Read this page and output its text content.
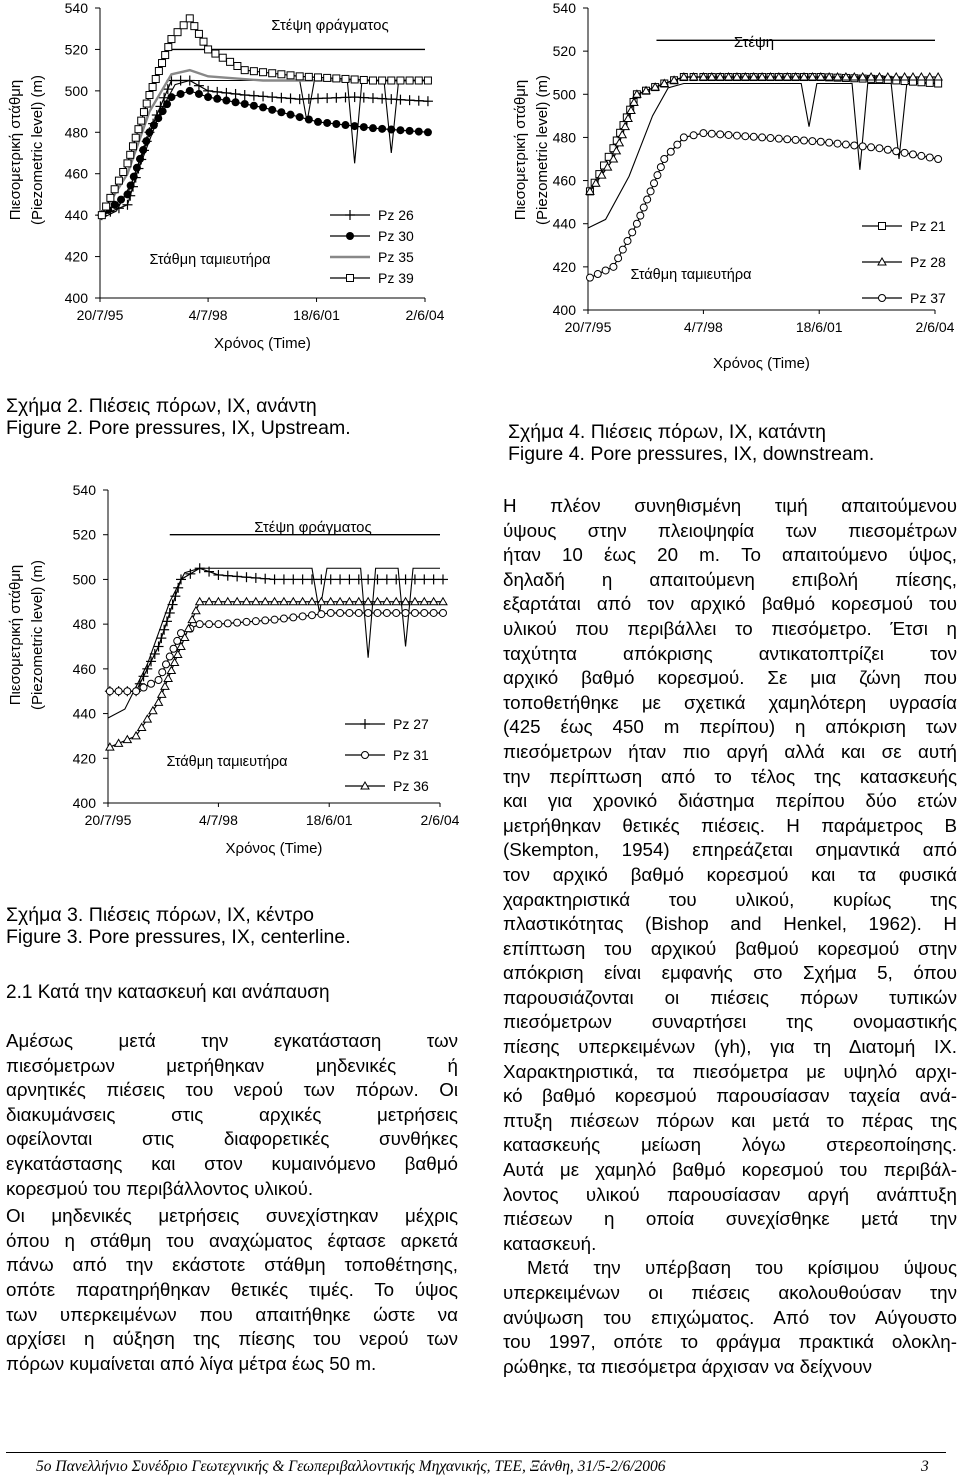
Πιεσομετρική στάθμη (Piezometric level) (m)
540
520
500
480
460
440
420
400
20/7/95	4/7/98	18/6/01	2/6/04
Χρόνος (Time)
Στέψη φράγματος
Στάθμη ταμιευτήρα
Pz 26
Pz 30
Pz 35
Pz 39
Σχήμα 2. Πιέσεις πόρων, ΙΧ, ανάντη
Figure 2. Pore pressures, IX, Upstream.
Πιεσομετρική στάθμη (Piezometric level) (m)
540
520
500
480
460
440
420
400
20/7/95	4/7/98	18/6/01	2/6/04
Χρόνος (Time)
Στέψη
Στάθμη ταμιευτήρα
Pz 21
Pz 28
Pz 37
Σχήμα 4. Πιέσεις πόρων, ΙΧ, κατάντη
Figure 4. Pore pressures, IX, downstream.
Πιεσομετρική στάθμη (Piezometric level) (m)
540
520
500
480
460
440
420
400
20/7/95	4/7/98	18/6/01	2/6/04
Χρόνος (Time)
Στέψη φράγματος
Στάθμη ταμιευτήρα
Pz 27
Pz 31
Pz 36
Σχήμα 3. Πιέσεις πόρων, ΙΧ, κέντρο
Figure 3. Pore pressures, IX, centerline.
2.1 Κατά την κατασκευή και ανάπαυση
Αμέσως μετά την εγκατάσταση των
πιεσόμετρων μετρήθηκαν μηδενικές ή
αρνητικές πιέσεις του νερού των πόρων. Οι
διακυμάνσεις στις αρχικές μετρήσεις
οφείλονται στις διαφορετικές συνθήκες
εγκατάστασης και στον κυμαινόμενο βαθμό
κορεσμού του περιβάλλοντος υλικού.
Οι μηδενικές μετρήσεις συνεχίστηκαν μέχρις
όπου η στάθμη του αναχώματος έφτασε αρκετά
πάνω από την εκάστοτε στάθμη τοποθέτησης,
οπότε παρατηρήθηκαν θετικές τιμές. Το ύψος
των υπερκειμένων που απαιτήθηκε ώστε να
αρχίσει η αύξηση της πίεσης του νερού των
πόρων κυμαίνεται από λίγα μέτρα έως 50 m.
Η πλέον συνηθισμένη τιμή απαιτούμενου
ύψους στην πλειοψηφία των πιεσομέτρων
ήταν 10 έως 20 m. Το απαιτούμενο ύψος,
δηλαδή η απαιτούμενη επιβολή πίεσης,
εξαρτάται από τον αρχικό βαθμό κορεσμού του
υλικού που περιβάλλει το πιεσόμετρο. Έτσι η
ταχύτητα απόκρισης αντικατοπτρίζει τον
αρχικό βαθμό κορεσμού. Σε μια ζώνη που
τοποθετήθηκε με σχετικά χαμηλότερη υγρασία
(425 έως 450 m περίπου) η απόκριση των
πιεσόμετρων ήταν πιο αργή αλλά και σε αυτή
την περίπτωση από το τέλος της κατασκευής
και για χρονικό διάστημα περίπου δύο ετών
μετρήθηκαν θετικές πιέσεις. Η παράμετρος B
(Skempton, 1954) επηρεάζεται σημαντικά από
τον αρχικό βαθμό κορεσμού και τα φυσικά
χαρακτηριστικά του υλικού, κυρίως της
πλαστικότητας (Bishop and Henkel, 1962). Η
επίπτωση του αρχικού βαθμού κορεσμού στην
απόκριση είναι εμφανής στο Σχήμα 5, όπου
παρουσιάζονται οι πιέσεις πόρων τυπικών
πιεσόμετρων συναρτήσει της ονομαστικής
πίεσης υπερκειμένων (γh), για τη Διατομή IX.
Χαρακτηριστικά, τα πιεσόμετρα με υψηλό αρχι-
κό βαθμό κορεσμού παρουσίασαν ταχεία ανά-
πτυξη πιέσεων πόρων και μετά το πέρας της
κατασκευής μείωση λόγω στερεοποίησης.
Αυτά με χαμηλό βαθμό κορεσμού του περιβάλ-
λοντος υλικού παρουσίασαν αργή ανάπτυξη
πιέσεων η οποία συνεχίσθηκε μετά την
κατασκευή.
Μετά την υπέρβαση του κρίσιμου ύψους
υπερκειμένων οι πιέσεις ακολουθούσαν την
ανύψωση του επιχώματος. Από τον Αύγουστο
του 1997, οπότε το φράγμα πρακτικά ολοκλη-
ρώθηκε, τα πιεσόμετρα άρχισαν να δείχνουν
5o Πανελλήνιο Συνέδριο Γεωτεχνικής & Γεωπεριβαλλοντικής Μηχανικής, ΤΕΕ, Ξάνθη, 31/5-2/6/2006	3
